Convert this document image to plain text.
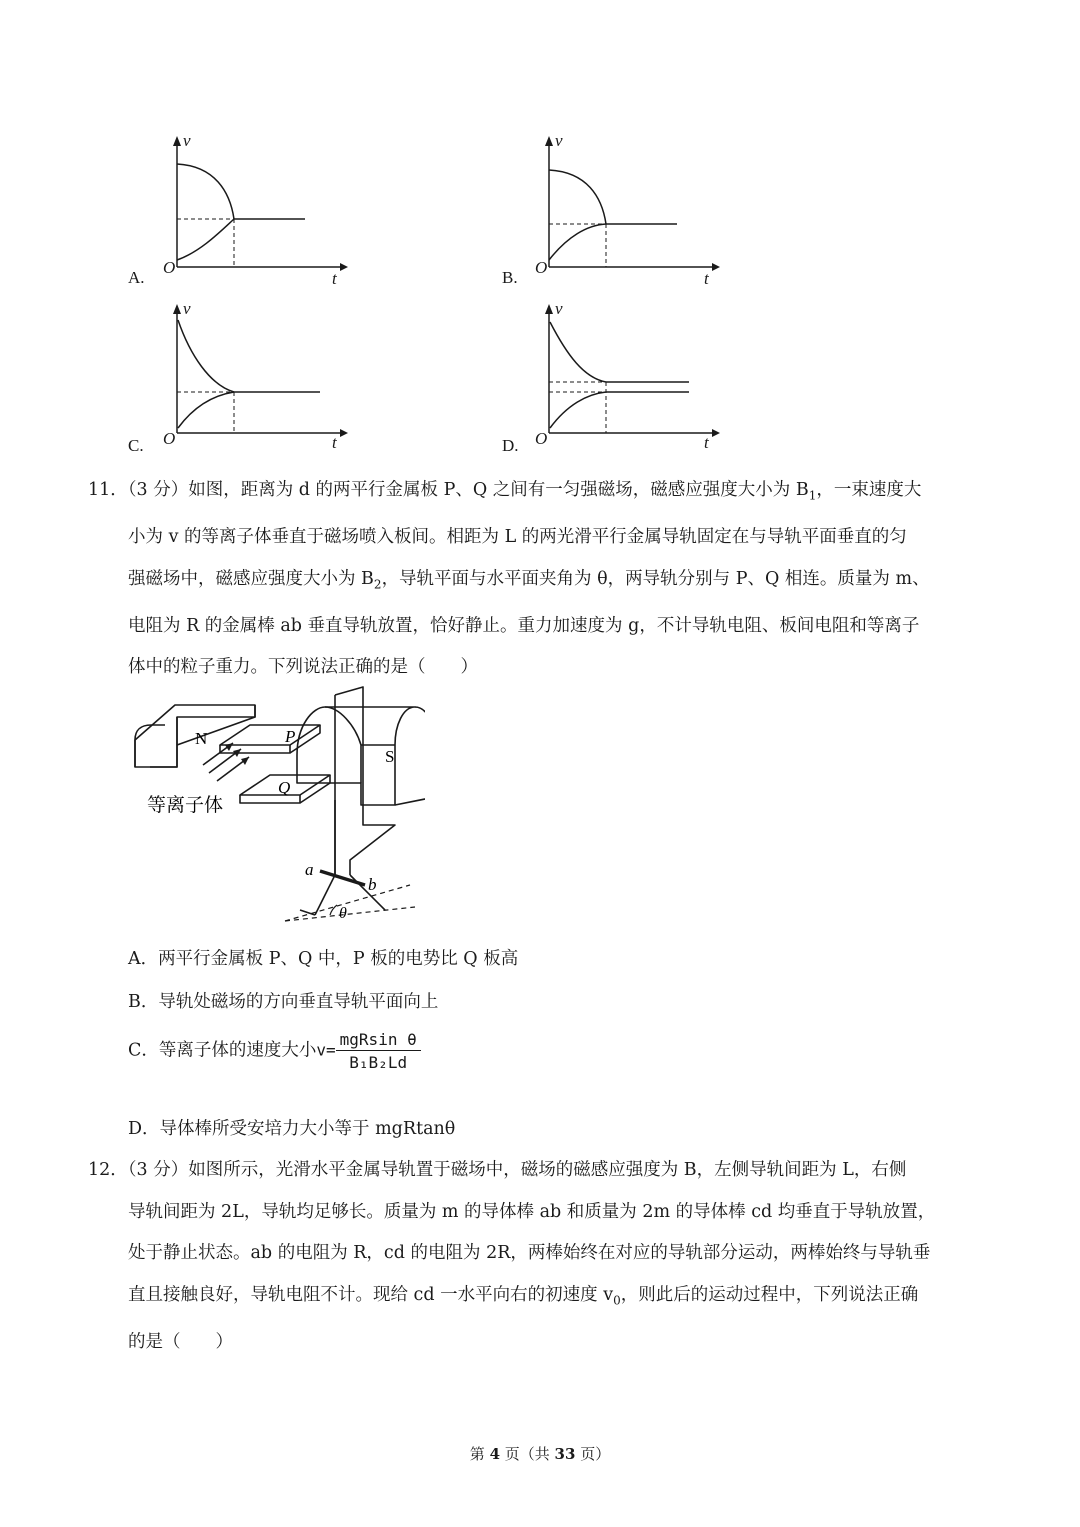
v
O
t
A.
v
O
t
B.
v
O	t
C.
v
O	t
D.

11．（3 分）如图，距离为 d 的两平行金属板 P、Q 之间有一匀强磁场，磁感应强度大小为 $B_1$，一束速度大

小为 v 的等离子体垂直于磁场喷入板间。相距为 L 的两光滑平行金属导轨固定在与导轨平面垂直的匀

强磁场中，磁感应强度大小为 $B_2$，导轨平面与水平面夹角为 θ，两导轨分别与 P、Q 相连。质量为 m、

电阻为 R 的金属棒 ab 垂直导轨放置，恰好静止。重力加速度为 g，不计导轨电阻、板间电阻和等离子

体中的粒子重力。下列说法正确的是（　　）

N	P
Q
S
等离子体
a
b
θ
A．两平行金属板 P、Q 中，P 板的电势比 Q 板高
B．导轨处磁场的方向垂直导轨平面向上
C．等离子体的速度大小$v= \frac{\text{mgRsin θ}}{\text{B₁B₂Ld}}$
D．导体棒所受安培力大小等于 mgRtanθ

12．（3 分）如图所示，光滑水平金属导轨置于磁场中，磁场的磁感应强度为 B，左侧导轨间距为 L，右侧

导轨间距为 2L，导轨均足够长。质量为 m 的导体棒 ab 和质量为 2m 的导体棒 cd 均垂直于导轨放置，

处于静止状态。ab 的电阻为 R，cd 的电阻为 2R，两棒始终在对应的导轨部分运动，两棒始终与导轨垂

直且接触良好，导轨电阻不计。现给 cd 一水平向右的初速度 $v_0$，则此后的运动过程中，下列说法正确

的是（　　）

第 4 页（共 33 页）
